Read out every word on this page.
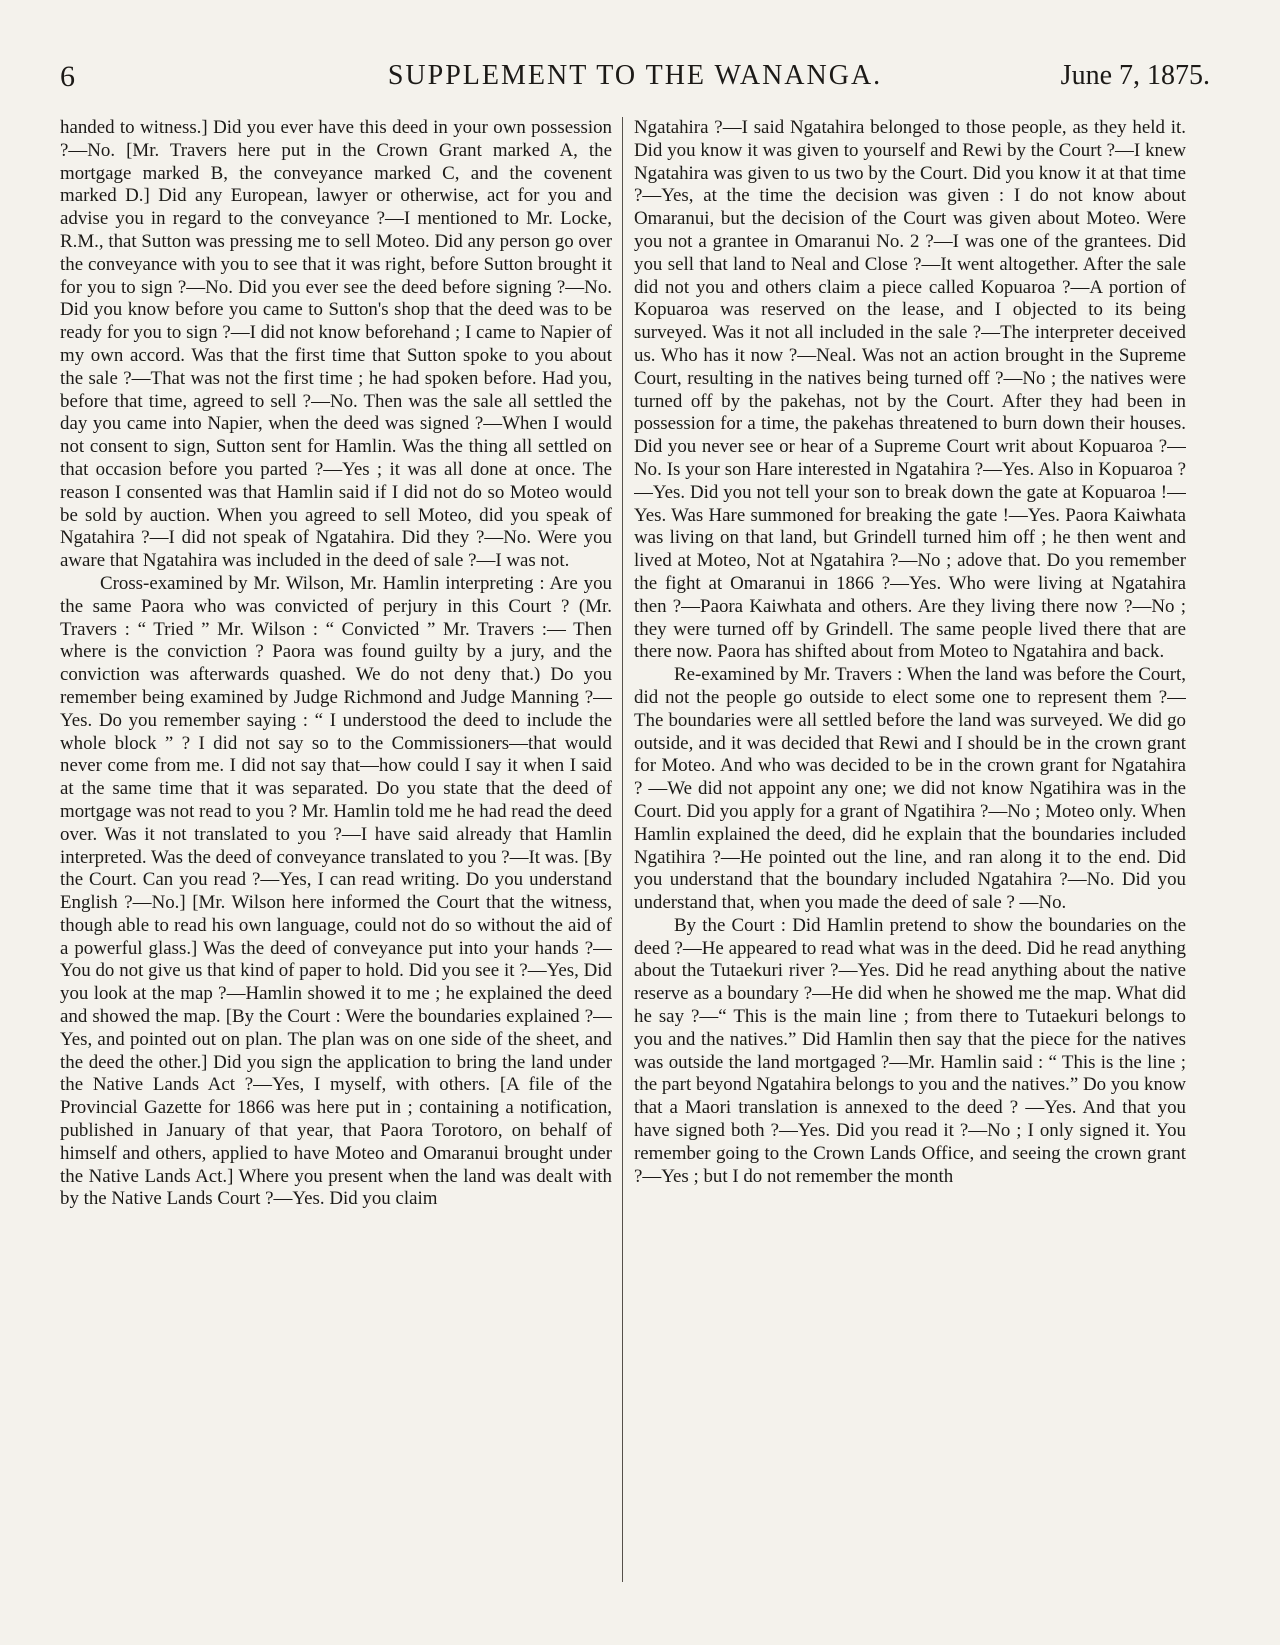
6	SUPPLEMENT TO THE WANANGA.	June 7, 1875.

handed to witness.] Did you ever have this deed in your own possession ?—No. [Mr. Travers here put in the Crown Grant marked A, the mortgage marked B, the conveyance marked C, and the covenent marked D.] Did any European, lawyer or otherwise, act for you and advise you in regard to the conveyance ?—I mentioned to Mr. Locke, R.M., that Sutton was pressing me to sell Moteo. Did any person go over the conveyance with you to see that it was right, before Sutton brought it for you to sign ?—No. Did you ever see the deed before signing ?—No. Did you know before you came to Sutton's shop that the deed was to be ready for you to sign ?—I did not know beforehand ; I came to Napier of my own accord. Was that the first time that Sutton spoke to you about the sale ?—That was not the first time ; he had spoken before. Had you, before that time, agreed to sell ?—No. Then was the sale all settled the day you came into Napier, when the deed was signed ?—When I would not consent to sign, Sutton sent for Hamlin. Was the thing all settled on that occasion before you parted ?—Yes ; it was all done at once. The reason I consented was that Hamlin said if I did not do so Moteo would be sold by auction. When you agreed to sell Moteo, did you speak of Ngatahira ?—I did not speak of Ngatahira. Did they ?—No. Were you aware that Ngatahira was included in the deed of sale ?—I was not.

Cross-examined by Mr. Wilson, Mr. Hamlin interpreting : Are you the same Paora who was convicted of perjury in this Court ? (Mr. Travers : “ Tried ” Mr. Wilson : “ Convicted ” Mr. Travers :— Then where is the conviction ? Paora was found guilty by a jury, and the conviction was afterwards quashed. We do not deny that.) Do you remember being examined by Judge Richmond and Judge Manning ?—Yes. Do you remember saying : “ I understood the deed to include the whole block ” ? I did not say so to the Commissioners—that would never come from me. I did not say that—how could I say it when I said at the same time that it was separated. Do you state that the deed of mortgage was not read to you ? Mr. Hamlin told me he had read the deed over. Was it not translated to you ?—I have said already that Hamlin interpreted. Was the deed of conveyance translated to you ?—It was. [By the Court. Can you read ?—Yes, I can read writing. Do you understand English ?—No.] [Mr. Wilson here informed the Court that the witness, though able to read his own language, could not do so without the aid of a powerful glass.] Was the deed of conveyance put into your hands ?—You do not give us that kind of paper to hold. Did you see it ?—Yes, Did you look at the map ?—Hamlin showed it to me ; he explained the deed and showed the map. [By the Court : Were the boundaries explained ?—Yes, and pointed out on plan. The plan was on one side of the sheet, and the deed the other.] Did you sign the application to bring the land under the Native Lands Act ?—Yes, I myself, with others. [A file of the Provincial Gazette for 1866 was here put in ; containing a notification, published in January of that year, that Paora Torotoro, on behalf of himself and others, applied to have Moteo and Omaranui brought under the Native Lands Act.] Where you present when the land was dealt with by the Native Lands Court ?—Yes. Did you claim

Ngatahira ?—I said Ngatahira belonged to those people, as they held it. Did you know it was given to yourself and Rewi by the Court ?—I knew Ngatahira was given to us two by the Court. Did you know it at that time ?—Yes, at the time the decision was given : I do not know about Omaranui, but the decision of the Court was given about Moteo. Were you not a grantee in Omaranui No. 2 ?—I was one of the grantees. Did you sell that land to Neal and Close ?—It went altogether. After the sale did not you and others claim a piece called Kopuaroa ?—A portion of Kopuaroa was reserved on the lease, and I objected to its being surveyed. Was it not all included in the sale ?—The interpreter deceived us. Who has it now ?—Neal. Was not an action brought in the Supreme Court, resulting in the natives being turned off ?—No ; the natives were turned off by the pakehas, not by the Court. After they had been in possession for a time, the pakehas threatened to burn down their houses. Did you never see or hear of a Supreme Court writ about Kopuaroa ?—No. Is your son Hare interested in Ngatahira ?—Yes. Also in Kopuaroa ?—Yes. Did you not tell your son to break down the gate at Kopuaroa !—Yes. Was Hare summoned for breaking the gate !—Yes. Paora Kaiwhata was living on that land, but Grindell turned him off ; he then went and lived at Moteo, Not at Ngatahira ?—No ; adove that. Do you remember the fight at Omaranui in 1866 ?—Yes. Who were living at Ngatahira then ?—Paora Kaiwhata and others. Are they living there now ?—No ; they were turned off by Grindell. The same people lived there that are there now. Paora has shifted about from Moteo to Ngatahira and back.

Re-examined by Mr. Travers : When the land was before the Court, did not the people go outside to elect some one to represent them ?—The boundaries were all settled before the land was surveyed. We did go outside, and it was decided that Rewi and I should be in the crown grant for Moteo. And who was decided to be in the crown grant for Ngatahira ? —We did not appoint any one; we did not know Ngatihira was in the Court. Did you apply for a grant of Ngatihira ?—No ; Moteo only. When Hamlin explained the deed, did he explain that the boundaries included Ngatihira ?—He pointed out the line, and ran along it to the end. Did you understand that the boundary included Ngatahira ?—No. Did you understand that, when you made the deed of sale ? —No.

By the Court : Did Hamlin pretend to show the boundaries on the deed ?—He appeared to read what was in the deed. Did he read anything about the Tutaekuri river ?—Yes. Did he read anything about the native reserve as a boundary ?—He did when he showed me the map. What did he say ?—“ This is the main line ; from there to Tutaekuri belongs to you and the natives.” Did Hamlin then say that the piece for the natives was outside the land mortgaged ?—Mr. Hamlin said : “ This is the line ; the part beyond Ngatahira belongs to you and the natives.” Do you know that a Maori translation is annexed to the deed ? —Yes. And that you have signed both ?—Yes. Did you read it ?—No ; I only signed it. You remember going to the Crown Lands Office, and seeing the crown grant ?—Yes ; but I do not remember the month
